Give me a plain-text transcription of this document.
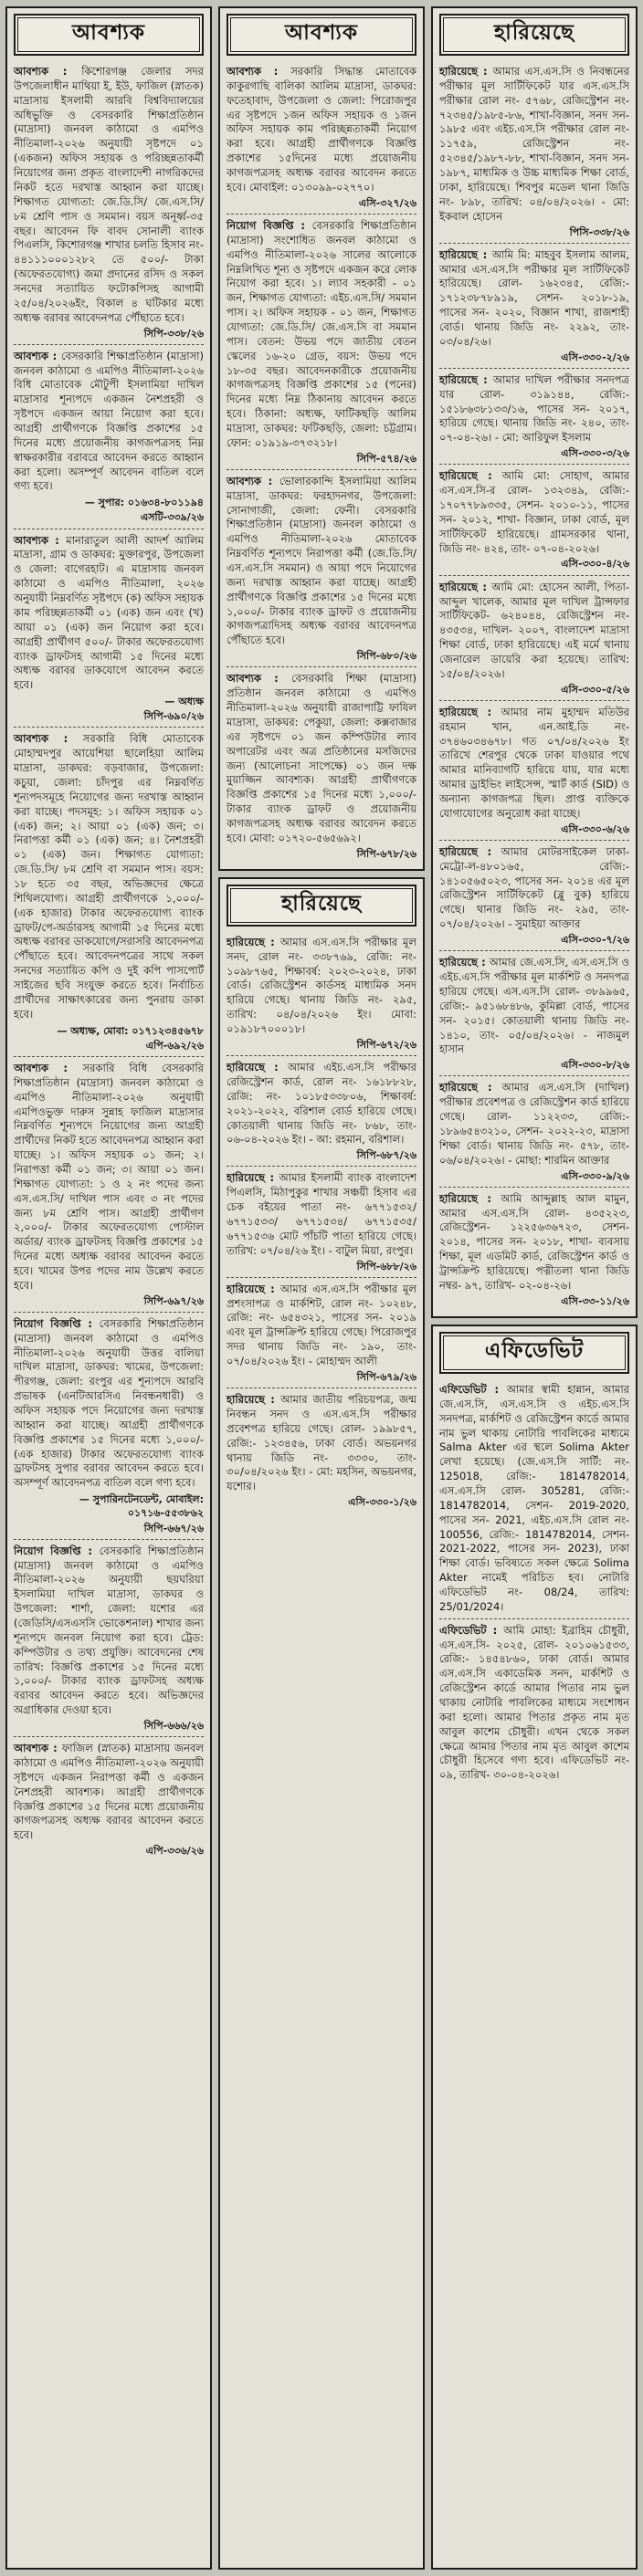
আবশ্যক
আবশ্যক : কিশোরগঞ্জ জেলার সদর উপজেলাধীন মাথিয়া ই, ইউ, ফাজিল (স্নাতক) মাদ্রাসায় ইসলামী আরবি বিশ্ববিদ্যালয়ের অধিভুক্তি ও বেসরকারি শিক্ষাপ্রতিষ্ঠান (মাদ্রাসা) জনবল কাঠামো ও এমপিও নীতিমালা-২০২৬ অনুযায়ী সৃষ্টপদে ০১ (একজন) অফিস সহায়ক ও পরিচ্ছন্নতাকর্মী নিয়োগের জন্য প্রকৃত বাংলাদেশী নাগরিকদের নিকট হতে দরখাস্ত আহ্বান করা যাচ্ছে। শিক্ষাগত যোগ্যতা: জে.ডি.সি/ জে.এস.সি/ ৮ম শ্রেণি পাস ও সমমান। বয়স অনূর্ধ্ব-৩৫ বছর। আবেদন ফি বাবদ সোনালী ব্যাংক পিএলসি, কিশোরগঞ্জ শাখার চলতি হিসাব নং- ৪৪১১১০০০১২৮২ তে ৫০০/- টাকা (অফেরতযোগ্য) জমা প্রদানের রসিদ ও সকল সনদের সত্যায়িত ফটোকপিসহ আগামী ২৫/০৪/২০২৬ইং, বিকাল ৪ ঘটিকার মধ্যে অধ্যক্ষ বরাবর আবেদনপত্র পৌঁছাতে হবে।
সিপি-৩৩৮/২৬
আবশ্যক : বেসরকারি শিক্ষাপ্রতিষ্ঠান (মাদ্রাসা) জনবল কাঠামো ও এমপিও নীতিমালা-২০২৬ বিধি মোতাবেক মৌটুপী ইসলামিয়া দাখিল মাদ্রাসার শূন্যপদে একজন নৈশপ্রহরী ও সৃষ্টপদে একজন আয়া নিয়োগ করা হবে। আগ্রহী প্রার্থীগণকে বিজ্ঞপ্তি প্রকাশের ১৫ দিনের মধ্যে প্রয়োজনীয় কাগজপত্রসহ নিম্ন স্বাক্ষরকারীর বরাবরে আবেদন করতে আহ্বান করা হলো। অসম্পূর্ণ আবেদন বাতিল বলে গণ্য হবে।
— সুপার: ০১৬৩৪-৮০১১৯৪
এসটি-৩৩৯/২৬
আবশ্যক : মানারাতুল আলী আদর্শ আলিম মাদ্রাসা, গ্রাম ও ডাকঘর: মুক্তারপুর, উপজেলা ও জেলা: বাগেরহাট। এ মাদ্রাসায় জনবল কাঠামো ও এমপিও নীতিমালা, ২০২৬ অনুযায়ী নিম্নবর্ণিত সৃষ্টপদে (ক) অফিস সহায়ক কাম পরিচ্ছন্নতাকর্মী ০১ (এক) জন এবং (খ) আয়া ০১ (এক) জন নিয়োগ করা হবে। আগ্রহী প্রার্থীগণ ৫০০/- টাকার অফেরতযোগ্য ব্যাংক ড্রাফটসহ আগামী ১৫ দিনের মধ্যে অধ্যক্ষ বরাবর ডাকযোগে আবেদন করতে হবে।
— অধ্যক্ষ
সিপি-৬৯০/২৬
আবশ্যক : সরকারি বিধি মোতাবেক মোহাম্মদপুর আয়েশিয়া ছালেহিয়া আলিম মাদ্রাসা, ডাকঘর: বড়বাজার, উপজেলা: কচুয়া, জেলা: চাঁদপুর এর নিম্নবর্ণিত শূন্যপদসমূহে নিয়োগের জন্য দরখাস্ত আহ্বান করা যাচ্ছে। পদসমূহ: ১। অফিস সহায়ক ০১ (এক) জন; ২। আয়া ০১ (এক) জন; ৩। নিরাপত্তা কর্মী ০১ (এক) জন; ৪। নৈশপ্রহরী ০১ (এক) জন। শিক্ষাগত যোগ্যতা: জে.ডি.সি/ ৮ম শ্রেণি বা সমমান পাস। বয়স: ১৮ হতে ৩৫ বছর, অভিজ্ঞদের ক্ষেত্রে শিথিলযোগ্য। আগ্রহী প্রার্থীগণকে ১,০০০/- (এক হাজার) টাকার অফেরতযোগ্য ব্যাংক ড্রাফট/পে-অর্ডারসহ আগামী ১৫ দিনের মধ্যে অধ্যক্ষ বরাবর ডাকযোগে/সরাসরি আবেদনপত্র পৌঁছাতে হবে। আবেদনপত্রের সাথে সকল সনদের সত্যায়িত কপি ও দুই কপি পাসপোর্ট সাইজের ছবি সংযুক্ত করতে হবে। নির্বাচিত প্রার্থীদের সাক্ষাৎকারের জন্য পুনরায় ডাকা হবে।
— অধ্যক্ষ, মোবা: ০১৭১২৩৪৫৬৭৮
এপি-৬৯২/২৬
আবশ্যক : সরকারি বিধি বেসরকারি শিক্ষাপ্রতিষ্ঠান (মাদ্রাসা) জনবল কাঠামো ও এমপিও নীতিমালা-২০২৬ অনুযায়ী এমপিওভুক্ত দারুস সুন্নাহ ফাজিল মাদ্রাসার নিম্নবর্ণিত শূন্যপদে নিয়োগের জন্য আগ্রহী প্রার্থীদের নিকট হতে আবেদনপত্র আহ্বান করা যাচ্ছে। ১। অফিস সহায়ক ০১ জন; ২। নিরাপত্তা কর্মী ০১ জন; ৩। আয়া ০১ জন। শিক্ষাগত যোগ্যতা: ১ ও ২ নং পদের জন্য এস.এস.সি/ দাখিল পাস এবং ৩ নং পদের জন্য ৮ম শ্রেণি পাস। আগ্রহী প্রার্থীগণ ২,০০০/- টাকার অফেরতযোগ্য পোস্টাল অর্ডার/ ব্যাংক ড্রাফটসহ বিজ্ঞপ্তি প্রকাশের ১৫ দিনের মধ্যে অধ্যক্ষ বরাবর আবেদন করতে হবে। খামের উপর পদের নাম উল্লেখ করতে হবে।
সিপি-৬৯৭/২৬
নিয়োগ বিজ্ঞপ্তি : বেসরকারি শিক্ষাপ্রতিষ্ঠান (মাদ্রাসা) জনবল কাঠামো ও এমপিও নীতিমালা-২০২৬ অনুযায়ী উত্তর বালিয়া দাখিল মাদ্রাসা, ডাকঘর: খামের, উপজেলা: পীরগঞ্জ, জেলা: রংপুর এর শূন্যপদে আরবি প্রভাষক (এনটিআরসিএ নিবন্ধনধারী) ও অফিস সহায়ক পদে নিয়োগের জন্য দরখাস্ত আহ্বান করা যাচ্ছে। আগ্রহী প্রার্থীগণকে বিজ্ঞপ্তি প্রকাশের ১৫ দিনের মধ্যে ১,০০০/- (এক হাজার) টাকার অফেরতযোগ্য ব্যাংক ড্রাফটসহ সুপার বরাবর আবেদন করতে হবে। অসম্পূর্ণ আবেদনপত্র বাতিল বলে গণ্য হবে।
— সুপারিনটেনডেন্ট, মোবাইল: ০১৭১৬-৫৫৩৮৬২
সিপি-৬৬৭/২৬
নিয়োগ বিজ্ঞপ্তি : বেসরকারি শিক্ষাপ্রতিষ্ঠান (মাদ্রাসা) জনবল কাঠামো ও এমপিও নীতিমালা-২০২৬ অনুযায়ী ছয়ঘরিয়া ইসলামিয়া দাখিল মাদ্রাসা, ডাকঘর ও উপজেলা: শার্শা, জেলা: যশোর এর (জেডিসি/এসএসসি ভোকেশনাল) শাখার জন্য শূন্যপদে জনবল নিয়োগ করা হবে। ট্রেড: কম্পিউটার ও তথ্য প্রযুক্তি। আবেদনের শেষ তারিখ: বিজ্ঞপ্তি প্রকাশের ১৫ দিনের মধ্যে ১,০০০/- টাকার ব্যাংক ড্রাফটসহ অধ্যক্ষ বরাবর আবেদন করতে হবে। অভিজ্ঞদের অগ্রাধিকার দেওয়া হবে।
সিপি-৬৬৬/২৬
আবশ্যক : ফাজিল (স্নাতক) মাদ্রাসায় জনবল কাঠামো ও এমপিও নীতিমালা-২০২৬ অনুযায়ী সৃষ্টপদে একজন নিরাপত্তা কর্মী ও একজন নৈশপ্রহরী আবশ্যক। আগ্রহী প্রার্থীগণকে বিজ্ঞপ্তি প্রকাশের ১৫ দিনের মধ্যে প্রয়োজনীয় কাগজপত্রসহ অধ্যক্ষ বরাবর আবেদন করতে হবে।
এপি-৩৩৬/২৬
আবশ্যক
আবশ্যক : সরকারি সিদ্ধান্ত মোতাবেক কাকুরগাছি বালিকা আলিম মাদ্রাসা, ডাকঘর: ফতেহাবাদ, উপজেলা ও জেলা: পিরোজপুর এর সৃষ্টপদে ১জন অফিস সহায়ক ও ১জন অফিস সহায়ক কাম পরিচ্ছন্নতাকর্মী নিয়োগ করা হবে। আগ্রহী প্রার্থীগণকে বিজ্ঞপ্তি প্রকাশের ১৫দিনের মধ্যে প্রয়োজনীয় কাগজপত্রসহ অধ্যক্ষ বরাবর আবেদন করতে হবে। মোবাইল: ০১৩০৯৯-০২৭৭০।
এসি-৩২৭/২৬
নিয়োগ বিজ্ঞপ্তি : বেসরকারি শিক্ষাপ্রতিষ্ঠান (মাদ্রাসা) সংশোধিত জনবল কাঠামো ও এমপিও নীতিমালা-২০২৬ সালের আলোকে নিম্নলিখিত শূন্য ও সৃষ্টপদে একজন করে লোক নিয়োগ করা হবে। ১। ল্যাব সহকারী - ০১ জন, শিক্ষাগত যোগ্যতা: এইচ.এস.সি/ সমমান পাস। ২। অফিস সহায়ক - ০১ জন, শিক্ষাগত যোগ্যতা: জে.ডি.সি/ জে.এস.সি বা সমমান পাস। বেতন: উভয় পদে জাতীয় বেতন স্কেলের ১৬-২০ গ্রেড, বয়স: উভয় পদে ১৮-৩৫ বছর। আবেদনকারীকে প্রয়োজনীয় কাগজপত্রসহ বিজ্ঞপ্তি প্রকাশের ১৫ (পনের) দিনের মধ্যে নিম্ন ঠিকানায় আবেদন করতে হবে। ঠিকানা: অধ্যক্ষ, ফাটিকছড়ি আলিম মাদ্রাসা, ডাকঘর: ফটিকছড়ি, জেলা: চট্টগ্রাম। ফোন: ০১৯১৯-৩৭৩২১৮।
সিপি-৫৭৪/২৬
আবশ্যক : ভোলারকান্দি ইসলামিয়া আলিম মাদ্রাসা, ডাকঘর: ফরহাদনগর, উপজেলা: সোনাগাজী, জেলা: ফেনী। বেসরকারি শিক্ষাপ্রতিষ্ঠান (মাদ্রাসা) জনবল কাঠামো ও এমপিও নীতিমালা-২০২৬ মোতাবেক নিম্নবর্ণিত শূন্যপদে নিরাপত্তা কর্মী (জে.ডি.সি/ এস.এস.সি সমমান) ও আয়া পদে নিয়োগের জন্য দরখাস্ত আহ্বান করা যাচ্ছে। আগ্রহী প্রার্থীগণকে বিজ্ঞপ্তি প্রকাশের ১৫ দিনের মধ্যে ১,০০০/- টাকার ব্যাংক ড্রাফট ও প্রয়োজনীয় কাগজপত্রাদিসহ অধ্যক্ষ বরাবর আবেদনপত্র পৌঁছাতে হবে।
সিপি-৬৮০/২৬
আবশ্যক : বেসরকারি শিক্ষা (মাদ্রাসা) প্রতিষ্ঠান জনবল কাঠামো ও এমপিও নীতিমালা-২০২৬ অনুযায়ী রাজাপাট্টি ফাযিল মাদ্রাসা, ডাকঘর: পেকুয়া, জেলা: কক্সবাজার এর সৃষ্টপদে ০১ জন কম্পিউটার ল্যাব অপারেটর এবং অত্র প্রতিষ্ঠানের মসজিদের জন্য (আলোচনা সাপেক্ষে) ০১ জন দক্ষ মুয়াজ্জিন আবশ্যক। আগ্রহী প্রার্থীগণকে বিজ্ঞপ্তি প্রকাশের ১৫ দিনের মধ্যে ১,০০০/- টাকার ব্যাংক ড্রাফট ও প্রয়োজনীয় কাগজপত্রসহ অধ্যক্ষ বরাবর আবেদন করতে হবে। মোবা: ০১৭২০-৫৬৫৬৯২।
সিপি-৬৭৮/২৬
হারিয়েছে
হারিয়েছে : আমার এস.এস.সি পরীক্ষার মূল সনদ, রোল নং- ৩৩৮৭৬৯, রেজি: নং- ১০৯৮৭৬৫, শিক্ষাবর্ষ: ২০২৩-২০২৪, ঢাকা বোর্ড। রেজিস্ট্রেশন কার্ডসহ মাধ্যমিক সনদ হারিয়ে গেছে। থানায় জিডি নং- ২৯৫, তারিখ: ০৪/০৪/২০২৬ ইং। মোবা: ০১৯১৮৭০০০১৮।
সিপি-৬৭২/২৬
হারিয়েছে : আমার এইচ.এস.সি পরীক্ষার রেজিস্ট্রেশন কার্ড, রোল নং- ১৬১৮৮২৮, রেজি: নং- ১০১৮৫৩৩৮০৬, শিক্ষাবর্ষ: ২০২১-২০২২, বরিশাল বোর্ড হারিয়ে গেছে। কোতয়ালী থানায় জিডি নং- ৮৬৮, তাং- ০৬-০৪-২০২৬ ইং। - আ: রহমান, বরিশাল।
সিপি-৬৮৭/২৬
হারিয়েছে : আমার ইসলামী ব্যাংক বাংলাদেশ পিএলসি, মিঠাপুকুর শাখার সঞ্চয়ী হিসাব এর চেক বইয়ের পাতা নং- ৬৭৭১৫৩২/ ৬৭৭১৫৩৩/ ৬৭৭১৫৩৪/ ৬৭৭১৫৩৫/ ৬৭৭১৫৩৬ মোট পাঁচটি পাতা হারিয়ে গেছে। তারিখ: ০৭/০৪/২৬ ইং। - বাটুল মিয়া, রংপুর।
সিপি-৬৮৮/২৬
হারিয়েছে : আমার এস.এস.সি পরীক্ষার মূল প্রশংসাপত্র ও মার্কশিট, রোল নং- ১০২৪৮, রেজি: নং- ৬৫৪৩২১, পাসের সন- ২০১৯ এবং মূল ট্রান্সক্রিপ্ট হারিয়ে গেছে। পিরোজপুর সদর থানায় জিডি নং- ১৯০, তাং- ০৭/০৪/২০২৬ ইং। - মোহাম্মদ আলী
সিপি-৬৭৯/২৬
হারিয়েছে : আমার জাতীয় পরিচয়পত্র, জন্ম নিবন্ধন সনদ ও এস.এস.সি পরীক্ষার প্রবেশপত্র হারিয়ে গেছে। রোল- ১৯৯৮৫৭, রেজি:- ১২৩৪৫৬, ঢাকা বোর্ড। অভয়নগর থানায় জিডি নং- ৩৩৩০, তাং- ৩০/০৪/২০২৬ ইং। - মো: মহসিন, অভয়নগর, যশোর।
এসি-৩৩০-১/২৬
হারিয়েছে
হারিয়েছে : আমার এস.এস.সি ও নিবন্ধনের পরীক্ষার মূল সার্টিফিকেট যার এস.এস.সি পরীক্ষার রোল নং- ৫৭৬৮, রেজিস্ট্রেশন নং- ৭২৩৪৫/১৯৮৫-৮৬, শাখা-বিজ্ঞান, সনদ সন- ১৯৮৫ এবং এইচ.এস.সি পরীক্ষার রোল নং- ১১৭৫৯, রেজিস্ট্রেশন নং- ৫২৩৪৫/১৯৮৭-৮৮, শাখা-বিজ্ঞান, সনদ সন- ১৯৮৭, মাধ্যমিক ও উচ্চ মাধ্যমিক শিক্ষা বোর্ড, ঢাকা, হারিয়েছে। শিবপুর মডেল থানা জিডি নং- ৮৯৮, তারিখ: ০৪/০৪/২০২৬। - মো: ইকবাল হোসেন
পিসি-৩৩৮/২৬
হারিয়েছে : আমি মি: মাহবুব ইসলাম আলম, আমার এস.এস.সি পরীক্ষার মূল সার্টিফিকেট হারিয়েছে। রোল- ১৬২৩৪৫, রেজি:- ১৭১২৩৮৭৮৯১৯, সেশন- ২০১৮-১৯, পাসের সন- ২০২০, বিজ্ঞান শাখা, রাজশাহী বোর্ড। থানায় জিডি নং- ২২৯২, তাং- ০৩/০৪/২৬।
এসি-৩৩০-২/২৬
হারিয়েছে : আমার দাখিল পরীক্ষার সনদপত্র যার রোল- ৩১৯১৪৪, রেজি:- ১৫১৮৬৩৮১৩৩/১৬, পাসের সন- ২০১৭, হারিয়ে গেছে। থানায় জিডি নং- ২৪০, তাং- ০৭-০৪-২৬। - মো: আরিফুল ইসলাম
এসি-৩৩০-৩/২৬
হারিয়েছে : আমি মো: সোহাগ, আমার এস.এস.সি-র রোল- ১৩২৩৪৯, রেজি:- ১৭০৭৭৮৯৩৩৫, সেশন- ২০১০-১১, পাসের সন- ২০১২, শাখা- বিজ্ঞান, ঢাকা বোর্ড, মূল সার্টিফিকেট হারিয়েছে। গ্রামসরকার থানা, জিডি নং- ৪২৪, তাং- ০৭-০৪-২০২৬।
এসি-৩৩০-৪/২৬
হারিয়েছে : আমি মো: হোসেন আলী, পিতা- আব্দুল খালেক, আমার মূল দাখিল ট্রান্সফার সার্টিফিকেট- ৬২৪০৪৪, রেজিস্ট্রেশন নং- ৪৩৫৩৪, দাখিল- ২০০৭, বাংলাদেশ মাদ্রাসা শিক্ষা বোর্ড, ঢাকা হারিয়েছে। এই মর্মে থানায় জেনারেল ডায়েরি করা হয়েছে। তারিখ: ১৫/০৪/২০২৬।
এসি-৩৩০-৫/২৬
হারিয়েছে : আমার নাম মুহাম্মদ মতিউর রহমান খান, এন.আই.ডি নং- ৩৭৪৬০৩৪৬৭৮। গত ০৭/০৪/২০২৬ ইং তারিখে শেরপুর থেকে ঢাকা যাওয়ার পথে আমার মানিব্যাগটি হারিয়ে যায়, যার মধ্যে আমার ড্রাইভিং লাইসেন্স, স্মার্ট কার্ড (SID) ও অন্যান্য কাগজপত্র ছিল। প্রাপ্ত ব্যক্তিকে যোগাযোগের অনুরোধ করা যাচ্ছে।
এসি-৩৩০-৬/২৬
হারিয়েছে : আমার মোটরসাইকেল ঢাকা-মেট্রো-ল-৪৮০১৬৫, রেজি:- ১৪১০৫৬৫০২৩, পাসের সন- ২০১৪ এর মূল রেজিস্ট্রেশন সার্টিফিকেট (ব্লু বুক) হারিয়ে গেছে। থানার জিডি নং- ২৯৫, তাং- ০৭/০৪/২০২৬। - সুমাইয়া আক্তার
এসি-৩৩০-৭/২৬
হারিয়েছে : আমার জে.এস.সি, এস.এস.সি ও এইচ.এস.সি পরীক্ষার মূল মার্কশিট ও সনদপত্র হারিয়ে গেছে। এস.এস.সি রোল- ৩৮৯৯৬৫, রেজি:- ৯৫১৬৮৪৮৬, কুমিল্লা বোর্ড, পাসের সন- ২০১৫। কোতয়ালী থানায় জিডি নং- ১৪১০, তাং- ০৫/০৪/২০২৬। - নাজমুল হাসান
এসি-৩৩০-৮/২৬
হারিয়েছে : আমার এস.এস.সি (দাখিল) পরীক্ষার প্রবেশপত্র ও রেজিস্ট্রেশন কার্ড হারিয়ে গেছে। রোল- ১১২২৩৩, রেজি:- ১৮৯৬৫৪৩২১০, সেশন- ২০২২-২৩, মাদ্রাসা শিক্ষা বোর্ড। থানায় জিডি নং- ৫৭৮, তাং- ০৬/০৪/২০২৬। - মোছা: শারমিন আক্তার
এসি-৩৩০-৯/২৬
হারিয়েছে : আমি আব্দুল্লাহ আল মামুন, আমার এস.এস.সি রোল- ৪৩৫২২৩, রেজিস্ট্রেশন- ১২২৫৬৩৬৭২৩, সেশন- ২০১৪, পাসের সন- ২০১৮, শাখা- ব্যবসায় শিক্ষা, মূল এডমিট কার্ড, রেজিস্ট্রেশন কার্ড ও ট্রান্সক্রিপ্ট হারিয়েছে। পত্নীতলা থানা জিডি নম্বর- ৯৭, তারিখ- ০২-০৪-২৬।
এসি-৩৩-১১/২৬
এফিডেভিট
এফিডেভিট : আমার স্বামী হান্নান, আমার জে.এস.সি, এস.এস.সি ও এইচ.এস.সি সনদপত্র, মার্কশিট ও রেজিস্ট্রেশন কার্ডে আমার নাম ভুল থাকায় নোটারি পাবলিকের মাধ্যমে Salma Akter এর স্থলে Solima Akter লেখা হয়েছে। (জে.এস.সি সার্টি: নং- 125018, রেজি:- 1814782014, এস.এস.সি রোল- 305281, রেজি:- 1814782014, সেশন- 2019-2020, পাসের সন- 2021, এইচ.এস.সি রোল নং- 100556, রেজি:- 1814782014, সেশন- 2021-2022, পাসের সন- 2023), ঢাকা শিক্ষা বোর্ড। ভবিষ্যতে সকল ক্ষেত্রে Solima Akter নামেই পরিচিত হব। নোটারি এফিডেভিট নং- 08/24, তারিখ: 25/01/2024।
এফিডেভিট : আমি মোহা: ইব্রাহিম চৌধুরী, এস.এস.সি- ২০২৫, রোল- ২০১০৬১৫৩৩, রেজি:- ১৪৫৪৮৬০, ঢাকা বোর্ড। আমার এস.এস.সি একাডেমিক সনদ, মার্কশিট ও রেজিস্ট্রেশন কার্ডে আমার পিতার নাম ভুল থাকায় নোটারি পাবলিকের মাধ্যমে সংশোধন করা হলো। আমার পিতার প্রকৃত নাম মৃত আবুল কাশেম চৌধুরী। এখন থেকে সকল ক্ষেত্রে আমার পিতার নাম মৃত আবুল কাশেম চৌধুরী হিসেবে গণ্য হবে। এফিডেভিট নং- ০৯, তারিখ- ৩০-০৪-২০২৬।
